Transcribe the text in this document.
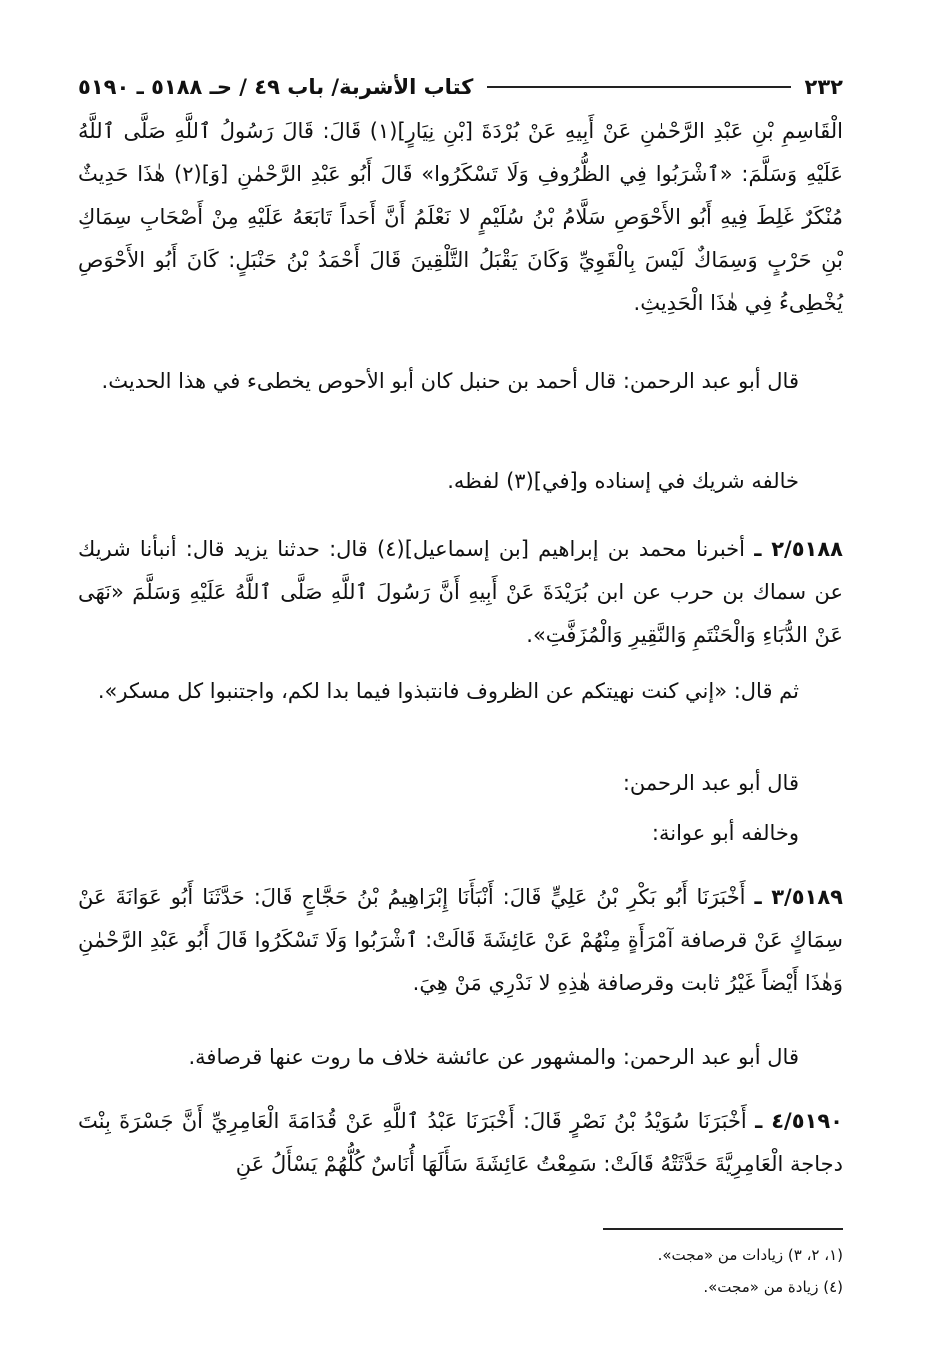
٢٣٢
كتاب الأشربة/ باب ٤٩ / حـ ٥١٨٨ ـ ٥١٩٠

الْقَاسِمِ بْنِ عَبْدِ الرَّحْمٰنِ عَنْ أَبِيهِ عَنْ بُرْدَةَ [بْنِ نِيَارٍ](١) قَالَ: قَالَ رَسُولُ ٱللَّهِ صَلَّى ٱللَّهُ عَلَيْهِ وَسَلَّمَ: «ٱشْرَبُوا فِي الظُّرُوفِ وَلَا تَسْكَرُوا» قَالَ أَبُو عَبْدِ الرَّحْمٰنِ [وَ](٢) هٰذَا حَدِيثٌ مُنْكَرٌ غَلِطَ فِيهِ أَبُو الأَحْوَصِ سَلَّامُ بْنُ سُلَيْمٍ لا نَعْلَمُ أَنَّ أَحَداً تَابَعَهُ عَلَيْهِ مِنْ أَصْحَابِ سِمَاكِ بْنِ حَرْبٍ وَسِمَاكٌ لَيْسَ بِالْقَوِيِّ وَكَانَ يَقْبَلُ التَّلْقِينَ قَالَ أَحْمَدُ بْنُ حَنْبَلٍ: كَانَ أَبُو الأَحْوَصِ يُخْطِىءُ فِي هٰذَا الْحَدِيثِ.

قال أبو عبد الرحمن: قال أحمد بن حنبل كان أبو الأحوص يخطىء في هذا الحديث.

خالفه شريك في إسناده و[في](٣) لفظه.

٢/٥١٨٨ ـ أخبرنا محمد بن إبراهيم [بن إسماعيل](٤) قال: حدثنا يزيد قال: أنبأنا شريك عن سماك بن حرب عن ابن بُرَيْدَةَ عَنْ أَبِيهِ أَنَّ رَسُولَ ٱللَّهِ صَلَّى ٱللَّهُ عَلَيْهِ وَسَلَّمَ «نَهَى عَنْ الدُّبَاءِ وَالْحَنْتَمِ وَالنَّقِيرِ وَالْمُزَفَّتِ».

ثم قال: «إني كنت نهيتكم عن الظروف فانتبذوا فيما بدا لكم، واجتنبوا كل مسكر».

قال أبو عبد الرحمن:

وخالفه أبو عوانة:

٣/٥١٨٩ ـ أَخْبَرَنَا أَبُو بَكْرِ بْنُ عَلِيٍّ قَالَ: أَنْبَأَنَا إِبْرَاهِيمُ بْنُ حَجَّاجٍ قَالَ: حَدَّثَنَا أَبُو عَوَانَةَ عَنْ سِمَاكٍ عَنْ قرصافة آمْرَأَةٍ مِنْهُمْ عَنْ عَائِشَةَ قَالَتْ: ٱشْرَبُوا وَلَا تَسْكَرُوا قَالَ أَبُو عَبْدِ الرَّحْمٰنِ وَهٰذَا أَيْضاً غَيْرُ ثابت وقرصافة هٰذِهِ لا نَدْرِي مَنْ هِيَ.

قال أبو عبد الرحمن: والمشهور عن عائشة خلاف ما روت عنها قرصافة.

٤/٥١٩٠ ـ أَخْبَرَنَا سُوَيْدُ بْنُ نَصْرٍ قَالَ: أَخْبَرَنَا عَبْدُ ٱللَّهِ عَنْ قُدَامَةَ الْعَامِرِيِّ أَنَّ جَسْرَةَ بِنْتَ دجاجة الْعَامِرِيَّةَ حَدَّثَتْهُ قَالَتْ: سَمِعْتُ عَائِشَةَ سَأَلَهَا أُنَاسٌ كُلُّهُمْ يَسْأَلُ عَنِ

(١، ٢، ٣) زيادات من «مجت».
(٤) زيادة من «مجت».
